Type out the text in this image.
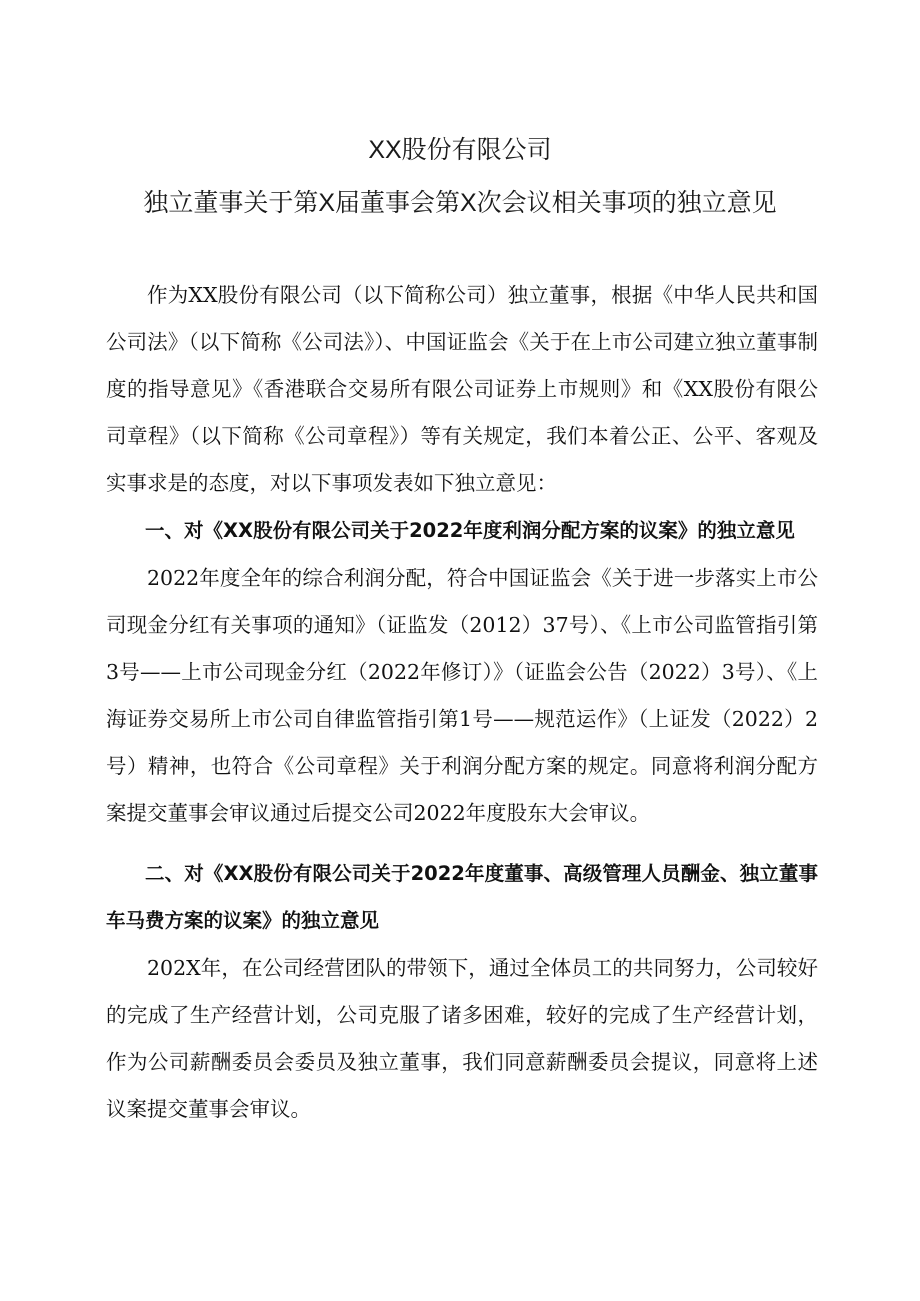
XX股份有限公司
独立董事关于第X届董事会第X次会议相关事项的独立意见

作为XX股份有限公司（以下简称公司）独立董事，根据《中华人民共和国公司法》（以下简称《公司法》）、中国证监会《关于在上市公司建立独立董事制度的指导意见》《香港联合交易所有限公司证券上市规则》和《XX股份有限公司章程》（以下简称《公司章程》）等有关规定，我们本着公正、公平、客观及实事求是的态度，对以下事项发表如下独立意见：

一、对《XX股份有限公司关于2022年度利润分配方案的议案》的独立意见

2022年度全年的综合利润分配，符合中国证监会《关于进一步落实上市公司现金分红有关事项的通知》（证监发（2012）37号）、《上市公司监管指引第3号——上市公司现金分红（2022年修订）》（证监会公告（2022）3号）、《上海证券交易所上市公司自律监管指引第1号——规范运作》（上证发（2022）2号）精神，也符合《公司章程》关于利润分配方案的规定。同意将利润分配方案提交董事会审议通过后提交公司2022年度股东大会审议。

二、对《XX股份有限公司关于2022年度董事、高级管理人员酬金、独立董事车马费方案的议案》的独立意见

202X年，在公司经营团队的带领下，通过全体员工的共同努力，公司较好的完成了生产经营计划，公司克服了诸多困难，较好的完成了生产经营计划，作为公司薪酬委员会委员及独立董事，我们同意薪酬委员会提议，同意将上述议案提交董事会审议。
